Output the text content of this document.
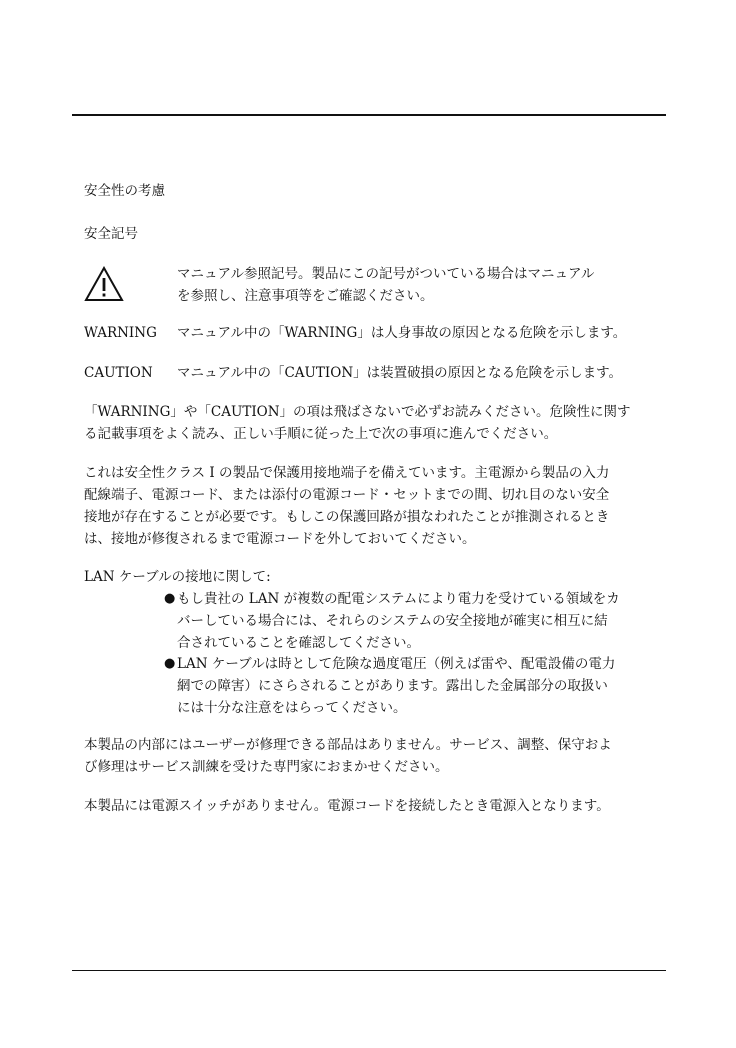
安全性の考慮
安全記号
マニュアル参照記号。製品にこの記号がついている場合はマニュアル
を参照し、注意事項等をご確認ください。
WARNING マニュアル中の「WARNING」は人身事故の原因となる危険を示します。
CAUTION マニュアル中の「CAUTION」は装置破損の原因となる危険を示します。
「WARNING」や「CAUTION」の項は飛ばさないで必ずお読みください。危険性に関す
る記載事項をよく読み、正しい手順に従った上で次の事項に進んでください。
これは安全性クラス I の製品で保護用接地端子を備えています。主電源から製品の入力
配線端子、電源コード、または添付の電源コード・セットまでの間、切れ目のない安全
接地が存在することが必要です。もしこの保護回路が損なわれたことが推測されるとき
は、接地が修復されるまで電源コードを外しておいてください。
LAN ケーブルの接地に関して:
● もし貴社の LAN が複数の配電システムにより電力を受けている領域をカ
バーしている場合には、それらのシステムの安全接地が確実に相互に結
合されていることを確認してください。
● LAN ケーブルは時として危険な過度電圧（例えば雷や、配電設備の電力
網での障害）にさらされることがあります。露出した金属部分の取扱い
には十分な注意をはらってください。
本製品の内部にはユーザーが修理できる部品はありません。サービス、調整、保守およ
び修理はサービス訓練を受けた専門家におまかせください。
本製品には電源スイッチがありません。電源コードを接続したとき電源入となります。
